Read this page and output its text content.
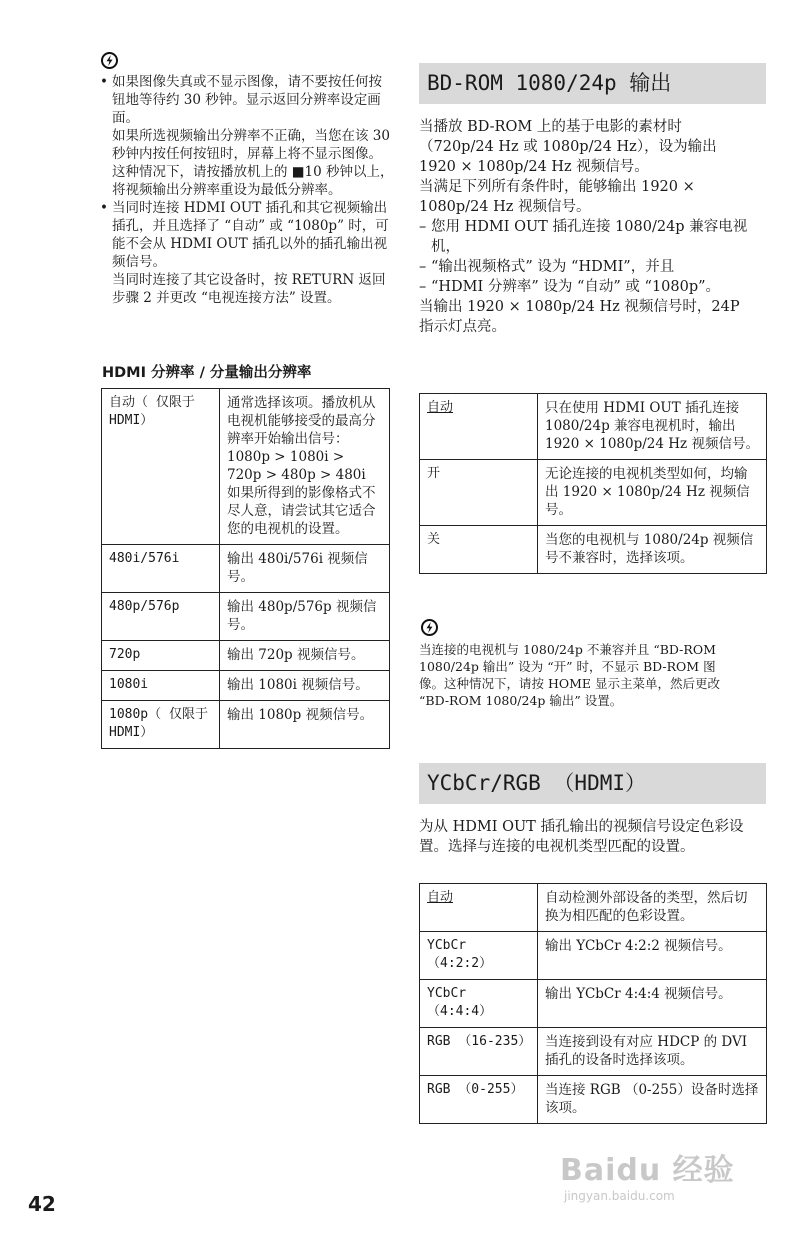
• 如果图像失真或不显示图像，请不要按任何按钮地等待约 30 秒钟。显示返回分辨率设定画面。
如果所选视频输出分辨率不正确，当您在该 30 秒钟内按任何按钮时，屏幕上将不显示图像。这种情况下，请按播放机上的 ■10 秒钟以上，将视频输出分辨率重设为最低分辨率。
• 当同时连接 HDMI OUT 插孔和其它视频输出插孔，并且选择了 “自动” 或 “1080p” 时，可能不会从 HDMI OUT 插孔以外的插孔输出视频信号。
当同时连接了其它设备时，按 RETURN 返回步骤 2 并更改 “电视连接方法” 设置。
HDMI 分辨率 / 分量输出分辨率
自动（ 仅限于 HDMI）	通常选择该项。播放机从电视机能够接受的最高分辨率开始输出信号：1080p > 1080i > 720p > 480p > 480i 如果所得到的影像格式不尽人意，请尝试其它适合您的电视机的设置。
480i/576i	输出 480i/576i 视频信号。
480p/576p	输出 480p/576p 视频信号。
720p	输出 720p 视频信号。
1080i	输出 1080i 视频信号。
1080p（ 仅限于 HDMI）	输出 1080p 视频信号。
BD-ROM 1080/24p 输出
当播放 BD-ROM 上的基于电影的素材时（720p/24 Hz 或 1080p/24 Hz），设为输出 1920 × 1080p/24 Hz 视频信号。
当满足下列所有条件时，能够输出 1920 × 1080p/24 Hz 视频信号。
– 您用 HDMI OUT 插孔连接 1080/24p 兼容电视机，
– “输出视频格式” 设为 “HDMI”，并且
– “HDMI 分辨率” 设为 “自动” 或 “1080p”。
当输出 1920 × 1080p/24 Hz 视频信号时，24P 指示灯点亮。
自动	只在使用 HDMI OUT 插孔连接 1080/24p 兼容电视机时，输出 1920 × 1080p/24 Hz 视频信号。
开	无论连接的电视机类型如何，均输出 1920 × 1080p/24 Hz 视频信号。
关	当您的电视机与 1080/24p 视频信号不兼容时，选择该项。
当连接的电视机与 1080/24p 不兼容并且 “BD-ROM 1080/24p 输出” 设为 “开” 时，不显示 BD-ROM 图像。这种情况下，请按 HOME 显示主菜单，然后更改 “BD-ROM 1080/24p 输出” 设置。
YCbCr/RGB （HDMI）
为从 HDMI OUT 插孔输出的视频信号设定色彩设置。选择与连接的电视机类型匹配的设置。
自动	自动检测外部设备的类型，然后切换为相匹配的色彩设置。
YCbCr （4:2:2）	输出 YCbCr 4:2:2 视频信号。
YCbCr （4:4:4）	输出 YCbCr 4:4:4 视频信号。
RGB （16-235）	当连接到设有对应 HDCP 的 DVI 插孔的设备时选择该项。
RGB （0-255）	当连接 RGB （0-255）设备时选择该项。
42
Baidu 经验
jingyan.baidu.com
